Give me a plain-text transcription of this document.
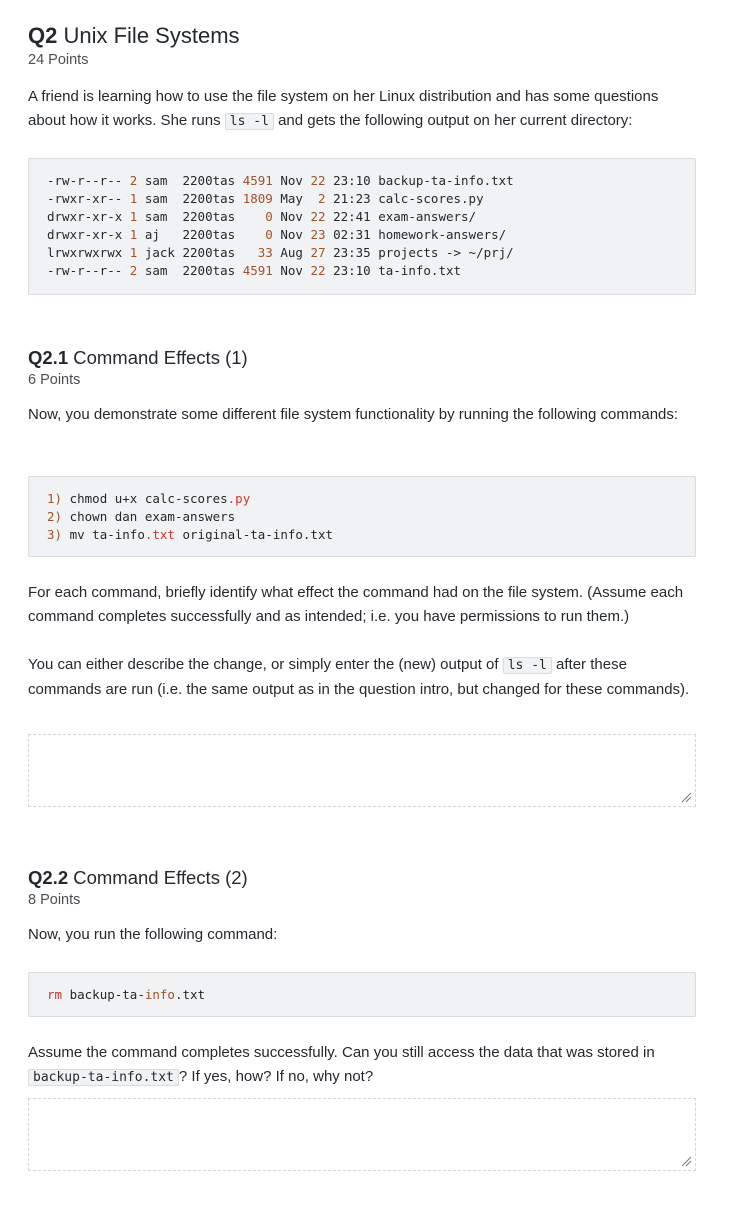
Q2 Unix File Systems
24 Points

A friend is learning how to use the file system on her Linux distribution and has some questions about how it works. She runs ls -l and gets the following output on her current directory:

-rw-r--r-- 2 sam  2200tas 4591 Nov 22 23:10 backup-ta-info.txt
-rwxr-xr-- 1 sam  2200tas 1809 May  2 21:23 calc-scores.py
drwxr-xr-x 1 sam  2200tas    0 Nov 22 22:41 exam-answers/
drwxr-xr-x 1 aj   2200tas    0 Nov 23 02:31 homework-answers/
lrwxrwxrwx 1 jack 2200tas   33 Aug 27 23:35 projects -> ~/prj/
-rw-r--r-- 2 sam  2200tas 4591 Nov 22 23:10 ta-info.txt
Q2.1 Command Effects (1)
6 Points

Now, you demonstrate some different file system functionality by running the following commands:

1) chmod u+x calc-scores.py
2) chown dan exam-answers
3) mv ta-info.txt original-ta-info.txt

For each command, briefly identify what effect the command had on the file system. (Assume each command completes successfully and as intended; i.e. you have permissions to run them.)

You can either describe the change, or simply enter the (new) output of ls -l after these commands are run (i.e. the same output as in the question intro, but changed for these commands).

Q2.2 Command Effects (2)
8 Points

Now, you run the following command:

rm backup-ta-info.txt

Assume the command completes successfully. Can you still access the data that was stored in backup-ta-info.txt ? If yes, how? If no, why not?
